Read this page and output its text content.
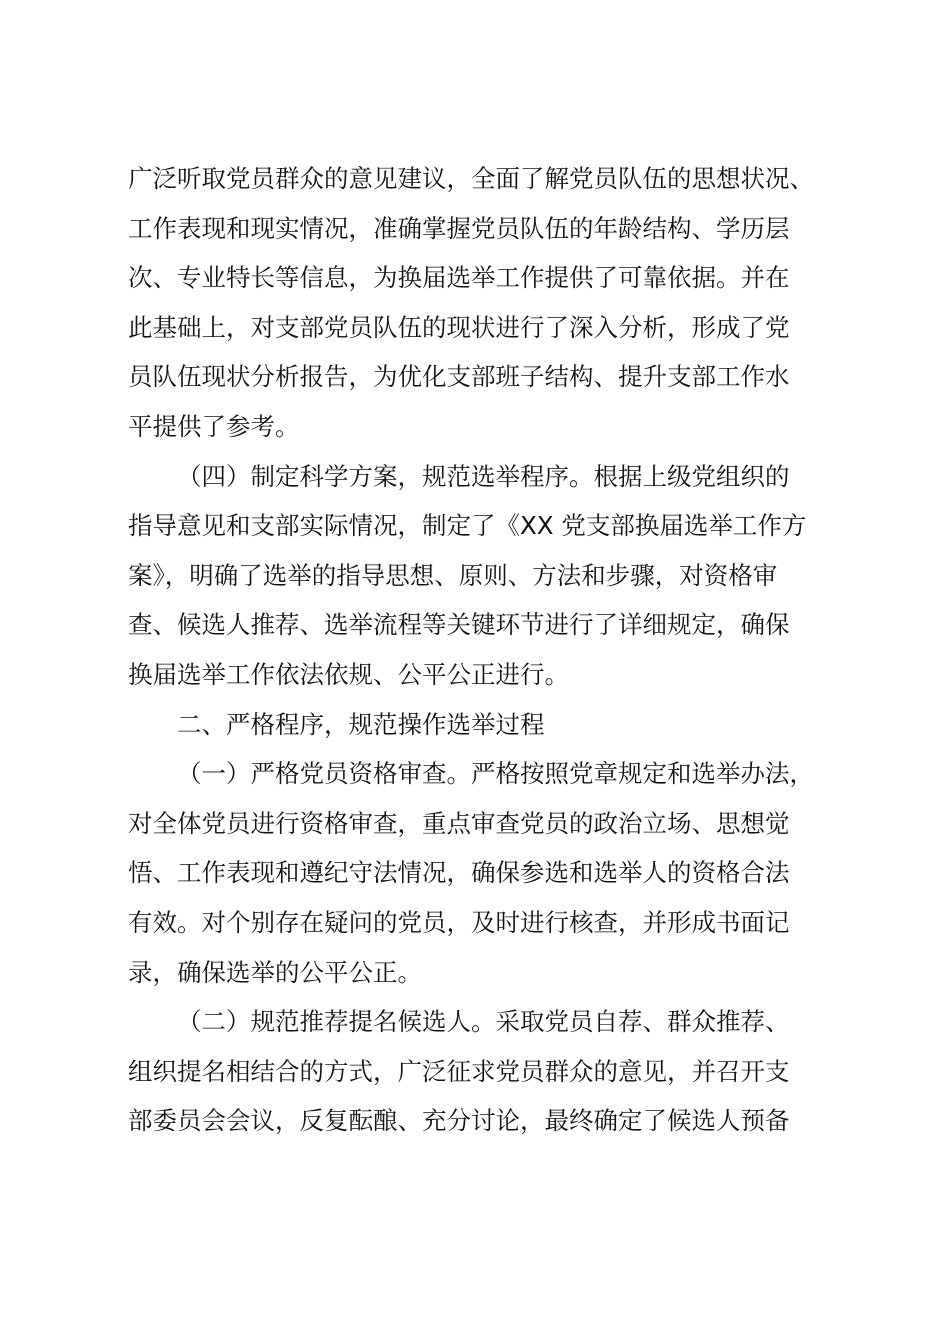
广泛听取党员群众的意见建议，全面了解党员队伍的思想状况、
工作表现和现实情况，准确掌握党员队伍的年龄结构、学历层
次、专业特长等信息，为换届选举工作提供了可靠依据。并在
此基础上，对支部党员队伍的现状进行了深入分析，形成了党
员队伍现状分析报告，为优化支部班子结构、提升支部工作水
平提供了参考。
（四）制定科学方案，规范选举程序。根据上级党组织的
指导意见和支部实际情况，制定了《XX 党支部换届选举工作方
案》，明确了选举的指导思想、原则、方法和步骤，对资格审
查、候选人推荐、选举流程等关键环节进行了详细规定，确保
换届选举工作依法依规、公平公正进行。
二、严格程序，规范操作选举过程
（一）严格党员资格审查。严格按照党章规定和选举办法，
对全体党员进行资格审查，重点审查党员的政治立场、思想觉
悟、工作表现和遵纪守法情况，确保参选和选举人的资格合法
有效。对个别存在疑问的党员，及时进行核查，并形成书面记
录，确保选举的公平公正。
（二）规范推荐提名候选人。采取党员自荐、群众推荐、
组织提名相结合的方式，广泛征求党员群众的意见，并召开支
部委员会会议，反复酝酿、充分讨论，最终确定了候选人预备
